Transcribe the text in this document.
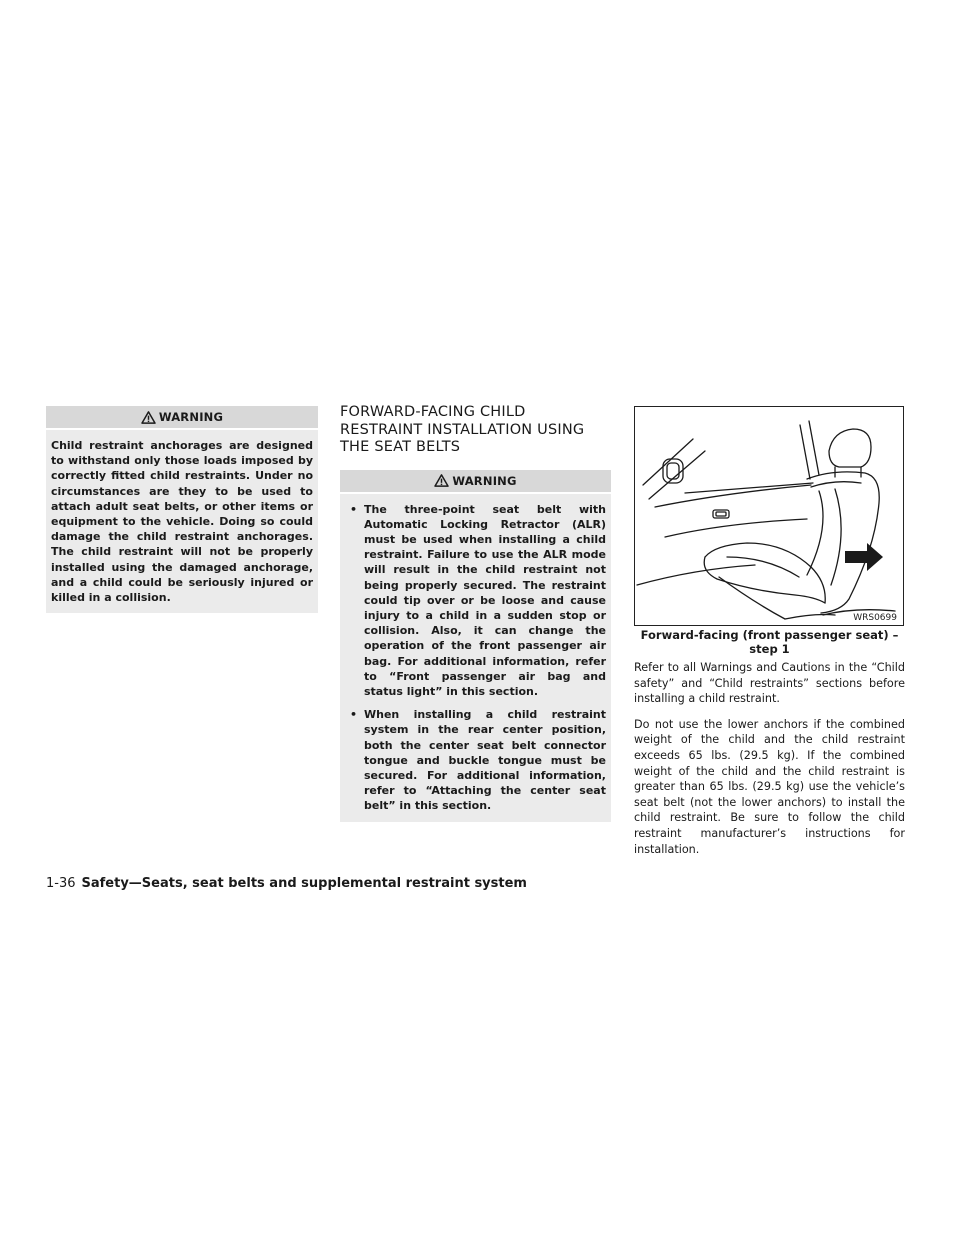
WARNING
Child restraint anchorages are designed to withstand only those loads imposed by correctly fitted child restraints. Under no circumstances are they to be used to attach adult seat belts, or other items or equipment to the vehicle. Doing so could damage the child restraint anchorages. The child restraint will not be properly installed using the damaged anchorage, and a child could be seriously injured or killed in a collision.
FORWARD-FACING CHILD
RESTRAINT INSTALLATION USING
THE SEAT BELTS
WARNING
• The three-point seat belt with Automatic Locking Retractor (ALR) must be used when installing a child restraint. Failure to use the ALR mode will result in the child restraint not being properly secured. The restraint could tip over or be loose and cause injury to a child in a sudden stop or collision. Also, it can change the operation of the front passenger air bag. For additional information, refer to “Front passenger air bag and status light” in this section.
• When installing a child restraint system in the rear center position, both the center seat belt connector tongue and buckle tongue must be secured. For additional information, refer to “Attaching the center seat belt” in this section.
WRS0699
Forward-facing (front passenger seat) –
step 1

Refer to all Warnings and Cautions in the “Child safety” and “Child restraints” sections before installing a child restraint.

Do not use the lower anchors if the combined weight of the child and the child restraint exceeds 65 lbs. (29.5 kg). If the combined weight of the child and the child restraint is greater than 65 lbs. (29.5 kg) use the vehicle’s seat belt (not the lower anchors) to install the child restraint. Be sure to follow the child restraint manufacturer’s instructions for installation.

1-36 Safety—Seats, seat belts and supplemental restraint system
